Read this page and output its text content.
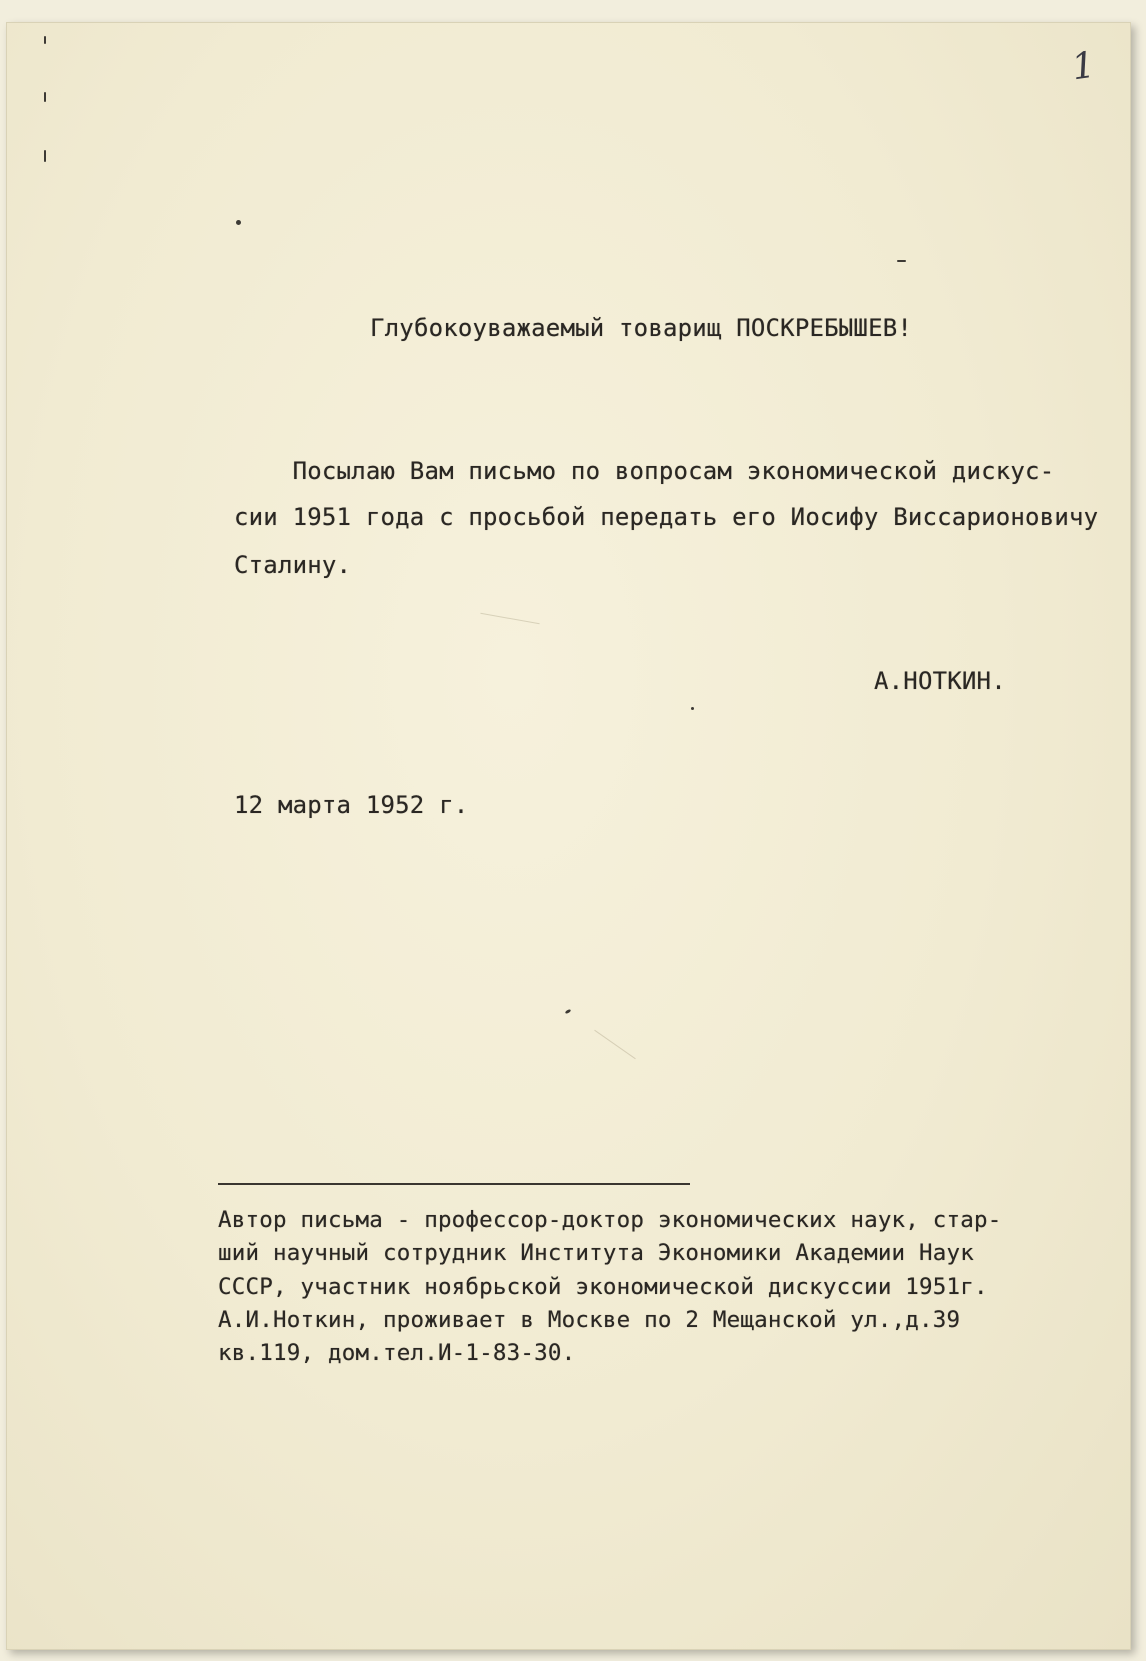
1
Глубокоуважаемый товарищ ПОСКРЕБЫШЕВ!
Посылаю Вам письмо по вопросам экономической дискус-
сии 1951 года с просьбой передать его Иосифу Виссарионовичу
Сталину.
А.НОТКИН.
12 марта 1952 г.
Автор письма - профессор-доктор экономических наук, стар-
ший научный сотрудник Института Экономики Академии Наук
СССР, участник ноябрьской экономической дискуссии 1951г.
А.И.Ноткин, проживает в Москве по 2 Мещанской ул.,д.39
кв.119, дом.тел.И-1-83-30.
